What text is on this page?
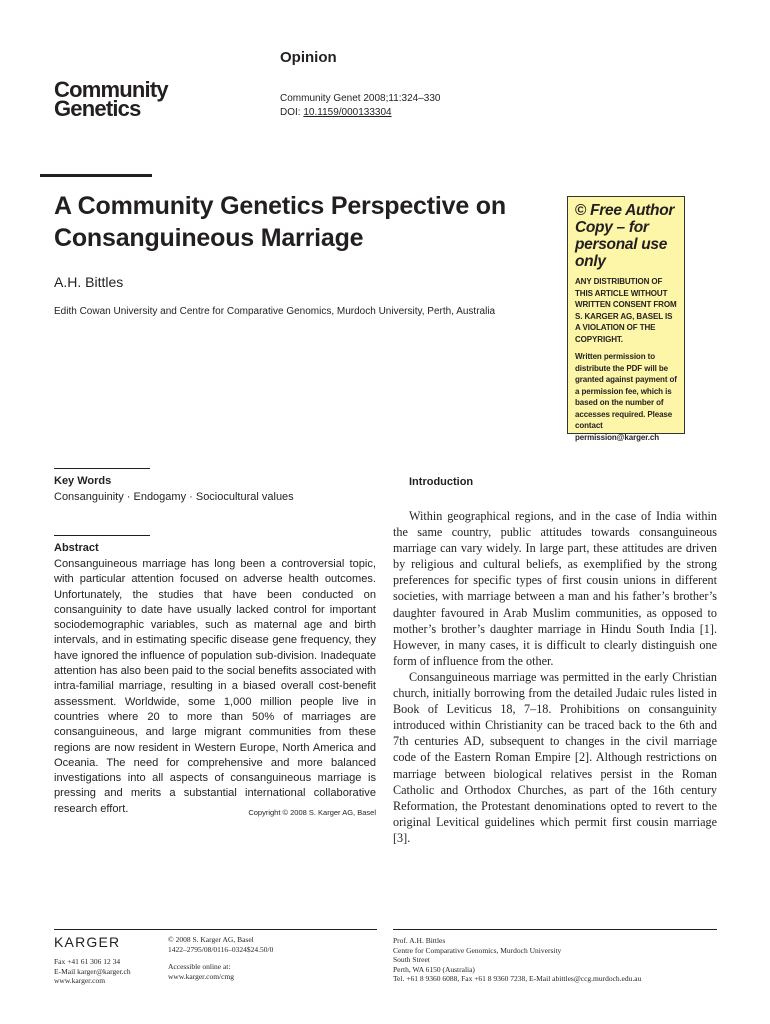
Community
Genetics
Opinion
Community Genet 2008;11:324–330
DOI: 10.1159/000133304
A Community Genetics Perspective on Consanguineous Marriage
A.H. Bittles
Edith Cowan University and Centre for Comparative Genomics, Murdoch University, Perth, Australia
© Free Author Copy – for personal use only
ANY DISTRIBUTION OF THIS ARTICLE WITHOUT WRITTEN CONSENT FROM S. KARGER AG, BASEL IS A VIOLATION OF THE COPYRIGHT.
Written permission to distribute the PDF will be granted against payment of a permission fee, which is based on the number of accesses required. Please contact permission@karger.ch
Key Words
Consanguinity · Endogamy · Sociocultural values
Abstract
Consanguineous marriage has long been a controversial topic, with particular attention focused on adverse health outcomes. Unfortunately, the studies that have been conducted on consanguinity to date have usually lacked control for important sociodemographic variables, such as maternal age and birth intervals, and in estimating specific disease gene frequency, they have ignored the influence of population sub-division. Inadequate attention has also been paid to the social benefits associated with intra-familial marriage, resulting in a biased overall cost-benefit assessment. Worldwide, some 1,000 million people live in countries where 20 to more than 50% of marriages are consanguineous, and large migrant communities from these regions are now resident in Western Europe, North America and Oceania. The need for comprehensive and more balanced investigations into all aspects of consanguineous marriage is pressing and merits a substantial international collaborative research effort.	Copyright © 2008 S. Karger AG, Basel
Introduction

Within geographical regions, and in the case of India within the same country, public attitudes towards consanguineous marriage can vary widely. In large part, these attitudes are driven by religious and cultural beliefs, as exemplified by the strong preferences for specific types of first cousin unions in different societies, with marriage between a man and his father’s brother’s daughter favoured in Arab Muslim communities, as opposed to mother’s brother’s daughter marriage in Hindu South India [1]. However, in many cases, it is difficult to clearly distinguish one form of influence from the other.

Consanguineous marriage was permitted in the early Christian church, initially borrowing from the detailed Judaic rules listed in Book of Leviticus 18, 7–18. Prohibitions on consanguinity introduced within Christianity can be traced back to the 6th and 7th centuries AD, subsequent to changes in the civil marriage code of the Eastern Roman Empire [2]. Although restrictions on marriage between biological relatives persist in the Roman Catholic and Orthodox Churches, as part of the 16th century Reformation, the Protestant denominations opted to revert to the original Levitical guidelines which permit first cousin marriage [3].

KARGER
Fax +41 61 306 12 34
E-Mail karger@karger.ch
www.karger.com
© 2008 S. Karger AG, Basel
1422–2795/08/0116–0324$24.50/0
Accessible online at:
www.karger.com/cmg
Prof. A.H. Bittles
Centre for Comparative Genomics, Murdoch University
South Street
Perth, WA 6150 (Australia)
Tel. +61 8 9360 6088, Fax +61 8 9360 7238, E-Mail abittles@ccg.murdoch.edu.au
